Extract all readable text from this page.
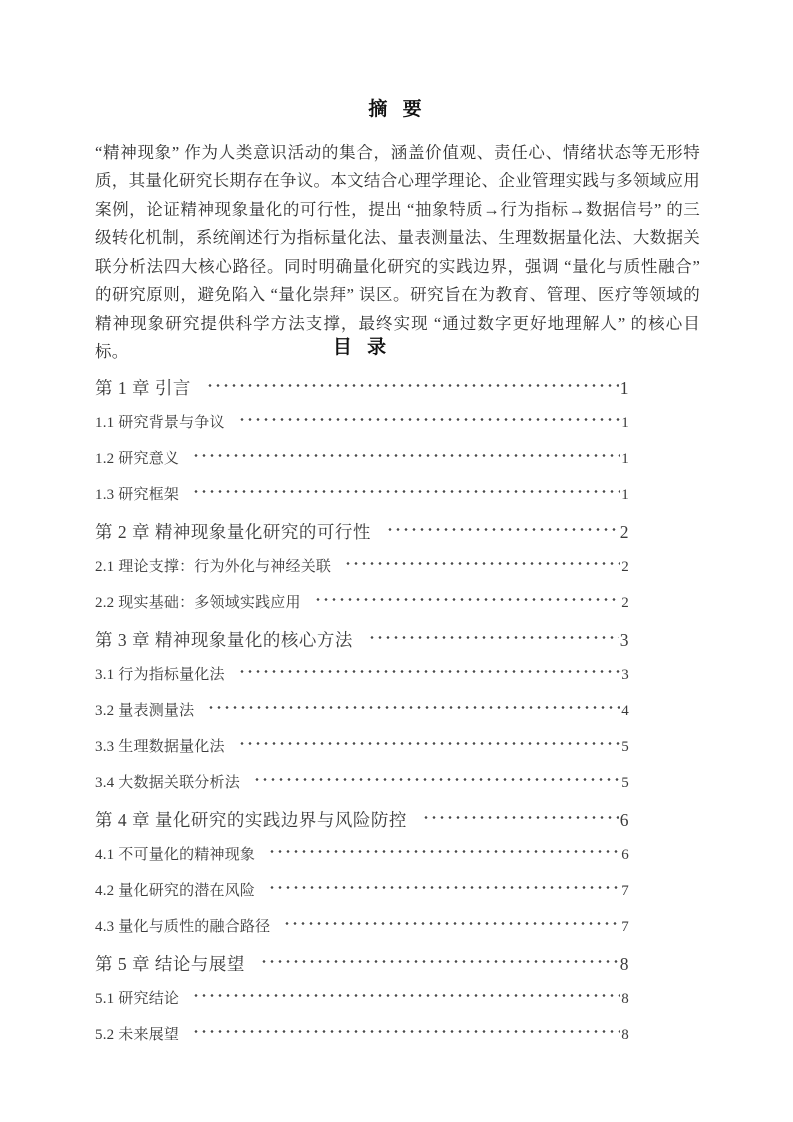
摘 要

“精神现象” 作为人类意识活动的集合，涵盖价值观、责任心、情绪状态等无形特质，其量化研究长期存在争议。本文结合心理学理论、企业管理实践与多领域应用案例，论证精神现象量化的可行性，提出 “抽象特质→行为指标→数据信号” 的三级转化机制，系统阐述行为指标量化法、量表测量法、生理数据量化法、大数据关联分析法四大核心路径。同时明确量化研究的实践边界，强调 “量化与质性融合” 的研究原则，避免陷入 “量化崇拜” 误区。研究旨在为教育、管理、医疗等领域的精神现象研究提供科学方法支撑，最终实现 “通过数字更好地理解人” 的核心目标。	目 录
第 1 章 引言	1
1.1 研究背景与争议	1
1.2 研究意义	1
1.3 研究框架	1
第 2 章 精神现象量化研究的可行性	2
2.1 理论支撑：行为外化与神经关联	2
2.2 现实基础：多领域实践应用	2
第 3 章 精神现象量化的核心方法	3
3.1 行为指标量化法	3
3.2 量表测量法	4
3.3 生理数据量化法	5
3.4 大数据关联分析法	5
第 4 章 量化研究的实践边界与风险防控	6
4.1 不可量化的精神现象	6
4.2 量化研究的潜在风险	7
4.3 量化与质性的融合路径	7
第 5 章 结论与展望	8
5.1 研究结论	8
5.2 未来展望	8
